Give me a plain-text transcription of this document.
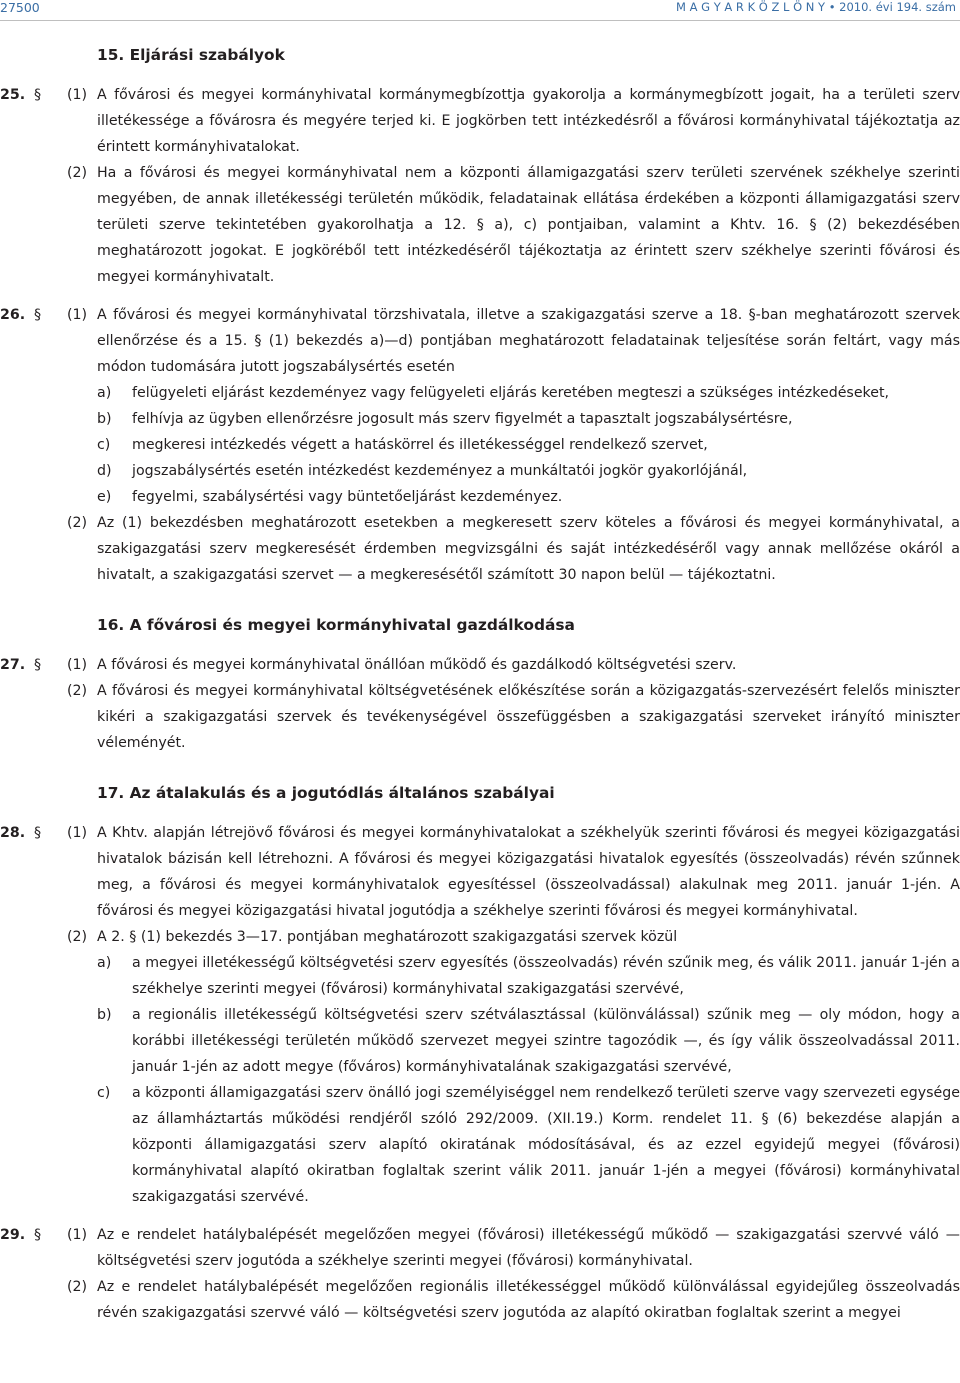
27500	M A G Y A R K Ö Z L Ö N Y • 2010. évi 194. szám
15. Eljárási szabályok
25. § (1) A fővárosi és megyei kormányhivatal kormánymegbízottja gyakorolja a kormánymegbízott jogait, ha a területi szerv illetékessége a fővárosra és megyére terjed ki. E jogkörben tett intézkedésről a fővárosi kormányhivatal tájékoztatja az érintett kormányhivatalokat.
(2) Ha a fővárosi és megyei kormányhivatal nem a központi államigazgatási szerv területi szervének székhelye szerinti megyében, de annak illetékességi területén működik, feladatainak ellátása érdekében a központi államigazgatási szerv területi szerve tekintetében gyakorolhatja a 12. § a), c) pontjaiban, valamint a Khtv. 16. § (2) bekezdésében meghatározott jogokat. E jogköréből tett intézkedéséről tájékoztatja az érintett szerv székhelye szerinti fővárosi és megyei kormányhivatalt.
26. § (1) A fővárosi és megyei kormányhivatal törzshivatala, illetve a szakigazgatási szerve a 18. §-ban meghatározott szervek ellenőrzése és a 15. § (1) bekezdés a)—d) pontjában meghatározott feladatainak teljesítése során feltárt, vagy más módon tudomására jutott jogszabálysértés esetén
a) felügyeleti eljárást kezdeményez vagy felügyeleti eljárás keretében megteszi a szükséges intézkedéseket,
b) felhívja az ügyben ellenőrzésre jogosult más szerv figyelmét a tapasztalt jogszabálysértésre,
c) megkeresi intézkedés végett a hatáskörrel és illetékességgel rendelkező szervet,
d) jogszabálysértés esetén intézkedést kezdeményez a munkáltatói jogkör gyakorlójánál,
e) fegyelmi, szabálysértési vagy büntetőeljárást kezdeményez.
(2) Az (1) bekezdésben meghatározott esetekben a megkeresett szerv köteles a fővárosi és megyei kormányhivatal, a szakigazgatási szerv megkeresését érdemben megvizsgálni és saját intézkedéséről vagy annak mellőzése okáról a hivatalt, a szakigazgatási szervet — a megkeresésétől számított 30 napon belül — tájékoztatni.
16. A fővárosi és megyei kormányhivatal gazdálkodása
27. § (1) A fővárosi és megyei kormányhivatal önállóan működő és gazdálkodó költségvetési szerv.
(2) A fővárosi és megyei kormányhivatal költségvetésének előkészítése során a közigazgatás-szervezésért felelős miniszter kikéri a szakigazgatási szervek és tevékenységével összefüggésben a szakigazgatási szerveket irányító miniszter véleményét.
17. Az átalakulás és a jogutódlás általános szabályai
28. § (1) A Khtv. alapján létrejövő fővárosi és megyei kormányhivatalokat a székhelyük szerinti fővárosi és megyei közigazgatási hivatalok bázisán kell létrehozni. A fővárosi és megyei közigazgatási hivatalok egyesítés (összeolvadás) révén szűnnek meg, a fővárosi és megyei kormányhivatalok egyesítéssel (összeolvadással) alakulnak meg 2011. január 1-jén. A fővárosi és megyei közigazgatási hivatal jogutódja a székhelye szerinti fővárosi és megyei kormányhivatal.
(2) A 2. § (1) bekezdés 3—17. pontjában meghatározott szakigazgatási szervek közül
a) a megyei illetékességű költségvetési szerv egyesítés (összeolvadás) révén szűnik meg, és válik 2011. január 1-jén a székhelye szerinti megyei (fővárosi) kormányhivatal szakigazgatási szervévé,
b) a regionális illetékességű költségvetési szerv szétválasztással (különválással) szűnik meg — oly módon, hogy a korábbi illetékességi területén működő szervezet megyei szintre tagozódik —, és így válik összeolvadással 2011. január 1-jén az adott megye (főváros) kormányhivatalának szakigazgatási szervévé,
c) a központi államigazgatási szerv önálló jogi személyiséggel nem rendelkező területi szerve vagy szervezeti egysége az államháztartás működési rendjéről szóló 292/2009. (XII.19.) Korm. rendelet 11. § (6) bekezdése alapján a központi államigazgatási szerv alapító okiratának módosításával, és az ezzel egyidejű megyei (fővárosi) kormányhivatal alapító okiratban foglaltak szerint válik 2011. január 1-jén a megyei (fővárosi) kormányhivatal szakigazgatási szervévé.
29. § (1) Az e rendelet hatálybalépését megelőzően megyei (fővárosi) illetékességű működő — szakigazgatási szervvé váló — költségvetési szerv jogutóda a székhelye szerinti megyei (fővárosi) kormányhivatal.
(2) Az e rendelet hatálybalépését megelőzően regionális illetékességgel működő különválással egyidejűleg összeolvadás révén szakigazgatási szervvé váló — költségvetési szerv jogutóda az alapító okiratban foglaltak szerint a megyei
